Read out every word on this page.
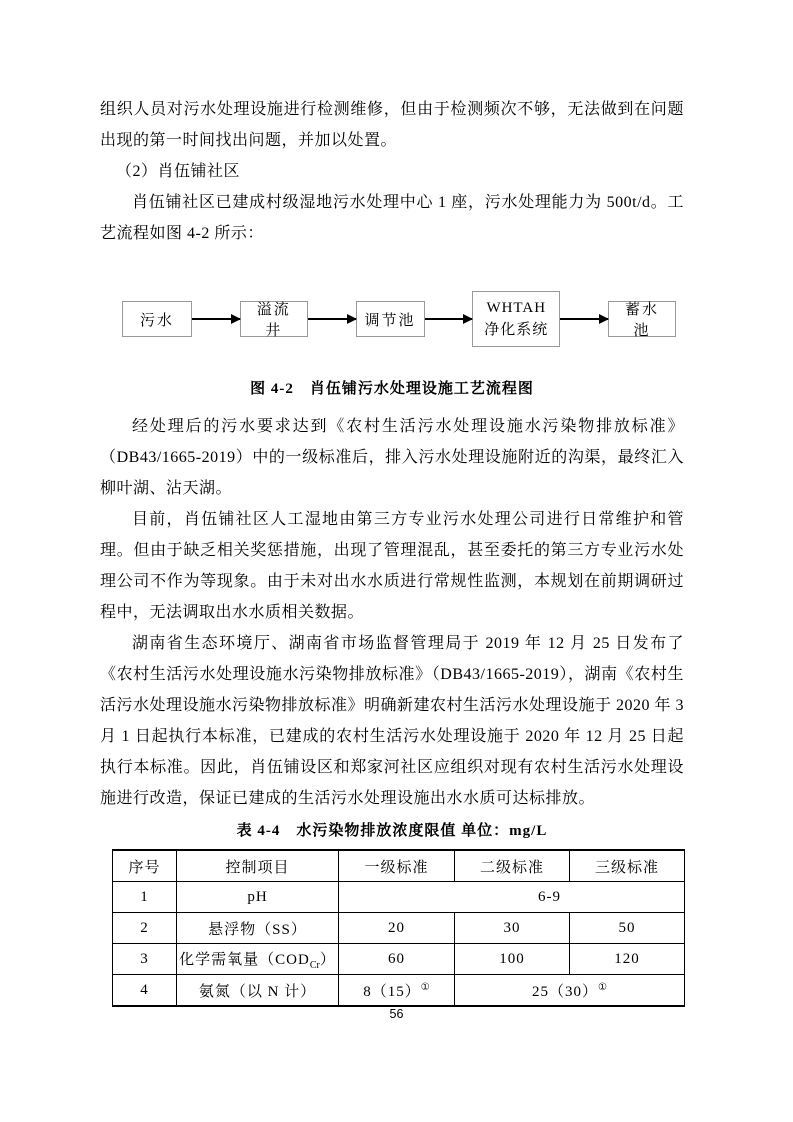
组织人员对污水处理设施进行检测维修，但由于检测频次不够，无法做到在问题出现的第一时间找出问题，并加以处置。

（2）肖伍铺社区

肖伍铺社区已建成村级湿地污水处理中心 1 座，污水处理能力为 500t/d。工艺流程如图 4-2 所示：

污水
溢流井
调节池
WHTAH
净化系统
蓄水池

图 4-2　肖伍铺污水处理设施工艺流程图

经处理后的污水要求达到《农村生活污水处理设施水污染物排放标准》（DB43/1665-2019）中的一级标准后，排入污水处理设施附近的沟渠，最终汇入柳叶湖、沾天湖。

目前，肖伍铺社区人工湿地由第三方专业污水处理公司进行日常维护和管理。但由于缺乏相关奖惩措施，出现了管理混乱，甚至委托的第三方专业污水处理公司不作为等现象。由于未对出水水质进行常规性监测，本规划在前期调研过程中，无法调取出水水质相关数据。

湖南省生态环境厅、湖南省市场监督管理局于 2019 年 12 月 25 日发布了《农村生活污水处理设施水污染物排放标准》（DB43/1665-2019），湖南《农村生活污水处理设施水污染物排放标准》明确新建农村生活污水处理设施于 2020 年 3 月 1 日起执行本标准，已建成的农村生活污水处理设施于 2020 年 12 月 25 日起执行本标准。因此，肖伍铺设区和郑家河社区应组织对现有农村生活污水处理设施进行改造，保证已建成的生活污水处理设施出水水质可达标排放。

表 4-4　水污染物排放浓度限值 单位：mg/L

序号	控制项目	一级标准	二级标准	三级标准
1	pH	6-9		
2	悬浮物（SS）	20	30	50
3	化学需氧量$(COD_{Cr})$	60	100	120
4	氨氮（以 N 计）	8（15）①	25（30）①
56
